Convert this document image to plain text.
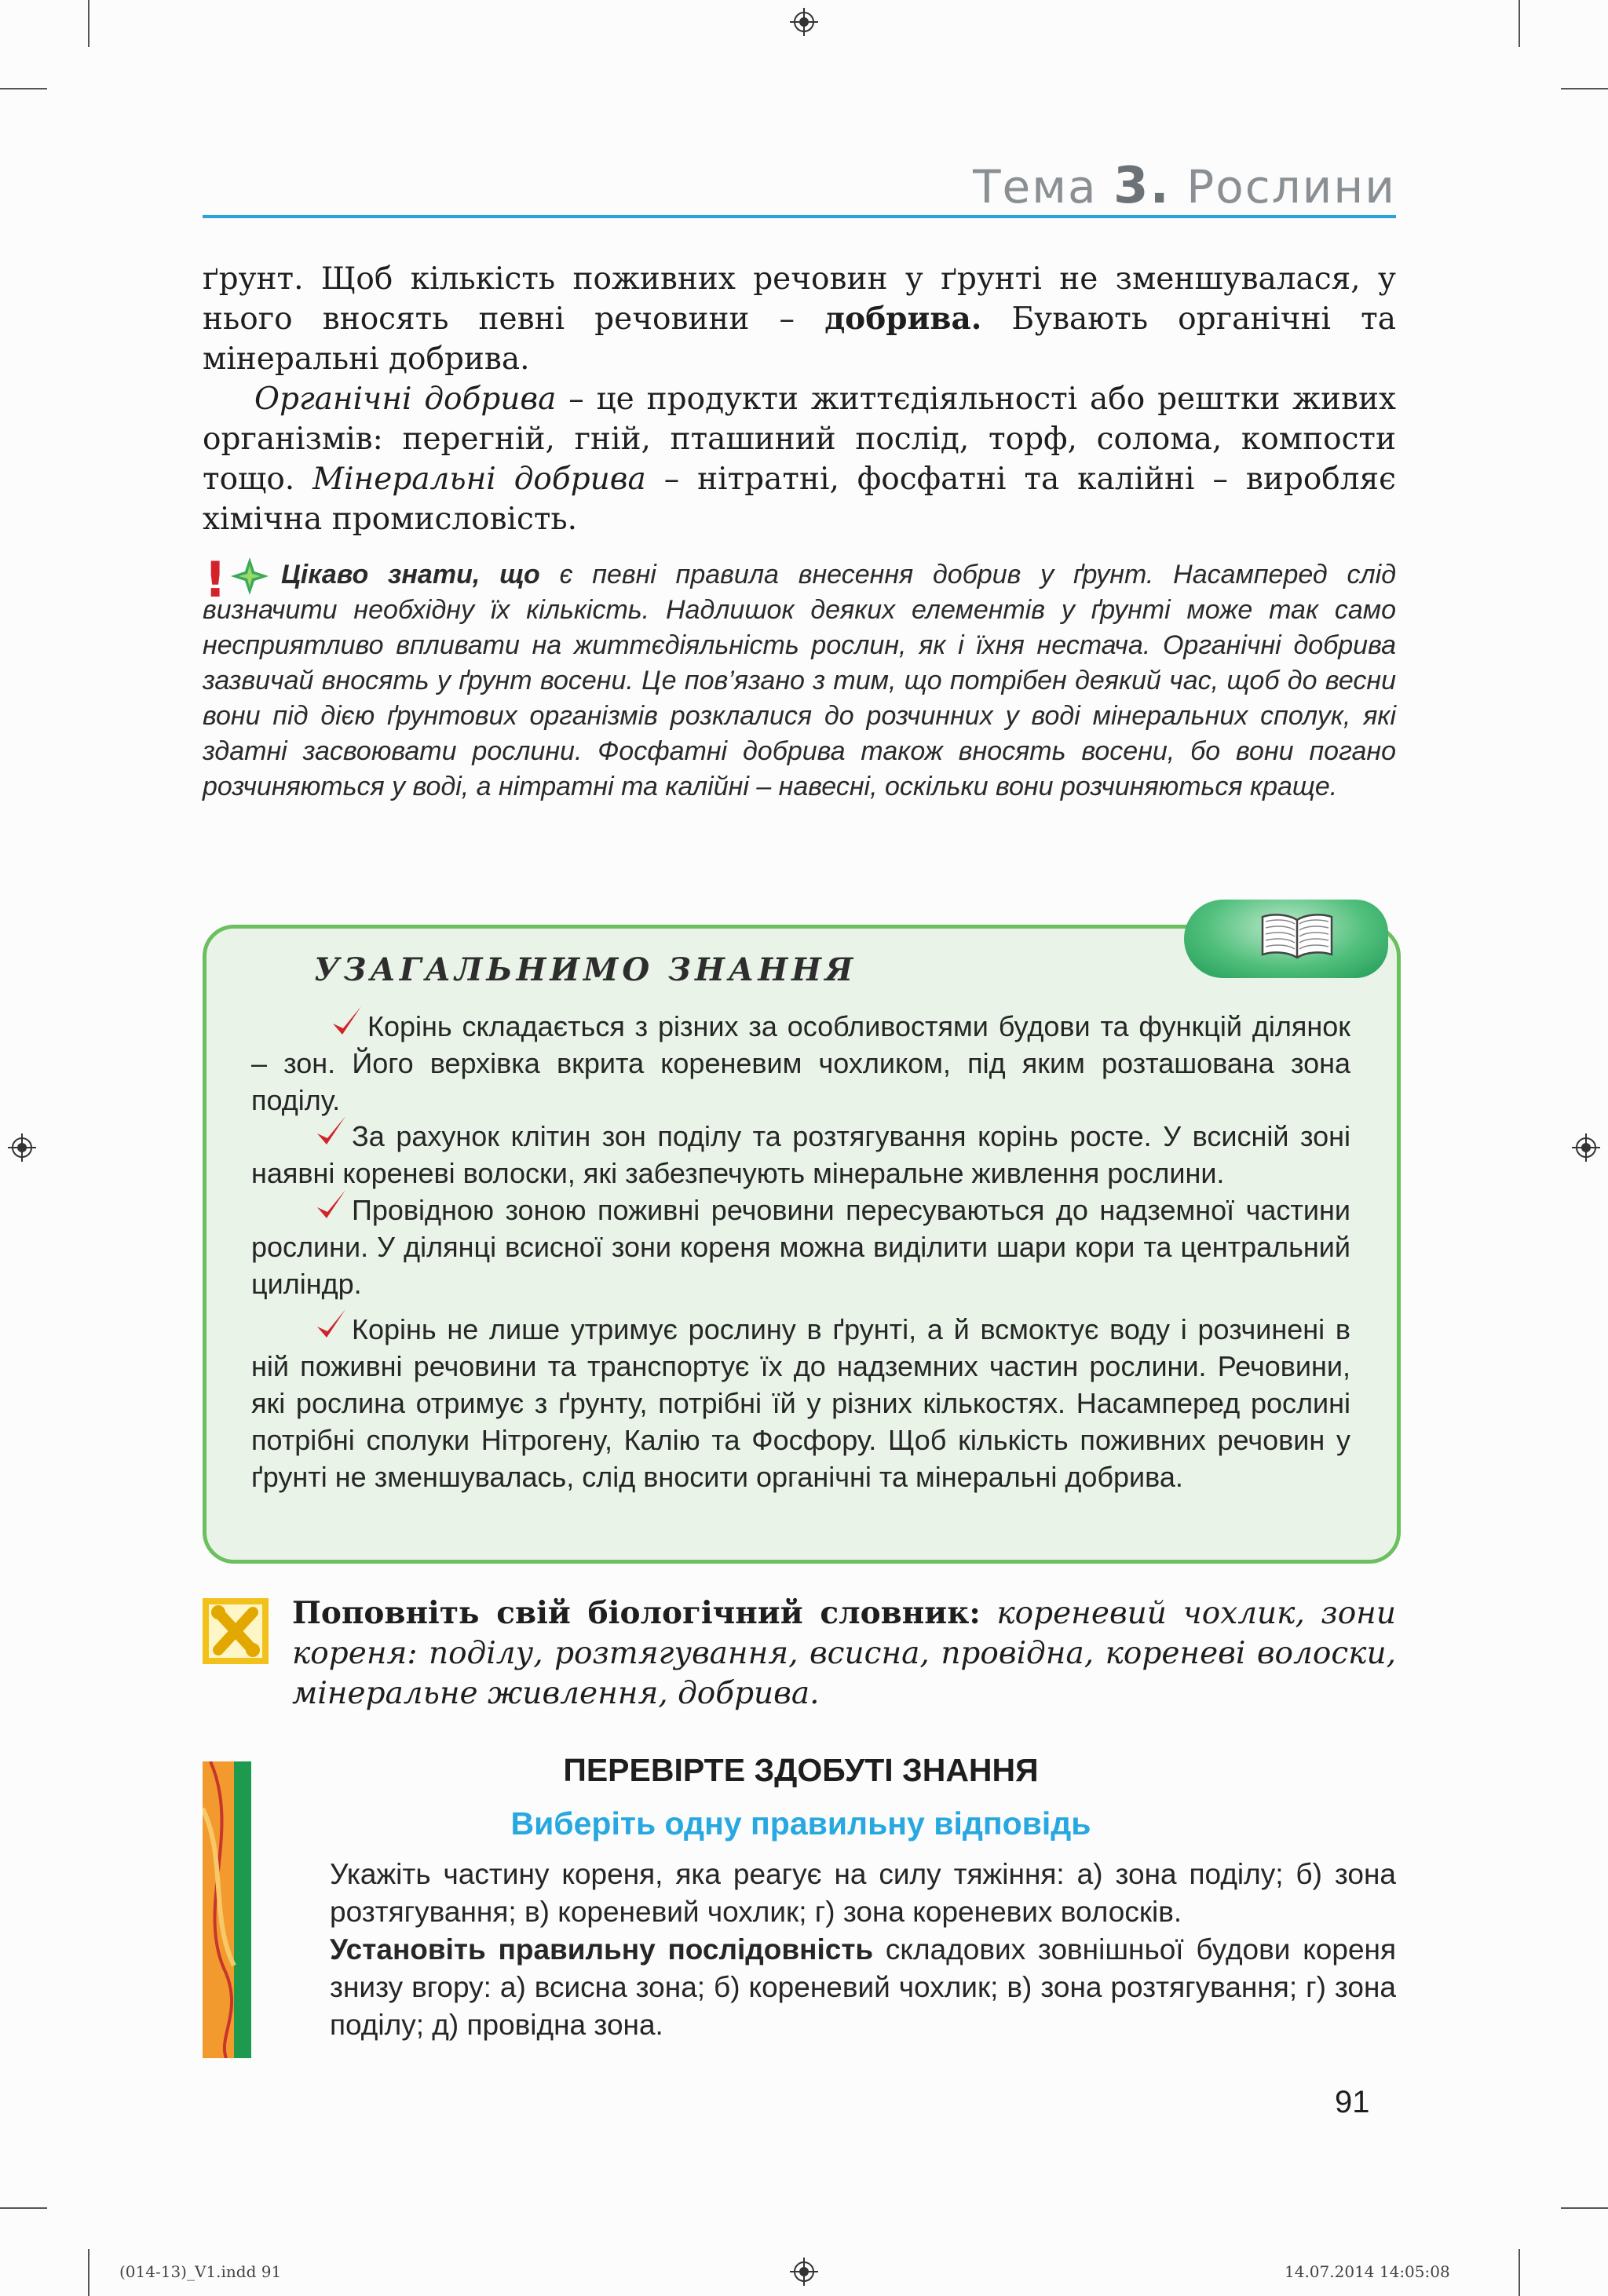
Тема 3. Рослини
ґрунт. Щоб кількість поживних речовин у ґрунті не зменшувалася, у нього вносять певні речовини – добрива. Бувають органічні та мінеральні добрива.
Органічні добрива – це продукти життєдіяльності або рештки живих організмів: перегній, гній, пташиний послід, торф, солома, компости тощо. Мінеральні добрива – нітратні, фосфатні та калійні – виробляє хімічна промисловість.
!	Цікаво знати, що є певні правила внесення добрив у ґрунт. Насамперед слід визначити необхідну їх кількість. Надлишок деяких елементів у ґрунті може так само несприятливо впливати на життєдіяльність рослин, як і їхня нестача. Органічні добрива зазвичай вносять у ґрунт восени. Це пов’язано з тим, що потрібен деякий час, щоб до весни вони під дією ґрунтових організмів розклалися до розчинних у воді мінеральних сполук, які здатні засвоювати рослини. Фосфатні добрива також вносять восени, бо вони погано розчиняються у воді, а нітратні та калійні – навесні, оскільки вони розчиняються краще.
УЗАГАЛЬНИМО ЗНАННЯ
Корінь складається з різних за особливостями будови та функцій ділянок – зон. Його верхівка вкрита кореневим чохликом, під яким розташована зона поділу.
За рахунок клітин зон поділу та розтягування корінь росте. У всисній зоні наявні кореневі волоски, які забезпечують мінеральне живлення рослини.
Провідною зоною поживні речовини пересуваються до надземної частини рослини. У ділянці всисної зони кореня можна виділити шари кори та центральний циліндр.
Корінь не лише утримує рослину в ґрунті, а й всмоктує воду і розчинені в ній поживні речовини та транспортує їх до надземних частин рослини. Речовини, які рослина отримує з ґрунту, потрібні їй у різних кількостях. Насамперед рослині потрібні сполуки Нітрогену, Калію та Фосфору. Щоб кількість поживних речовин у ґрунті не зменшувалась, слід вносити органічні та мінеральні добрива.
Поповніть свій біологічний словник: кореневий чохлик, зони кореня: поділу, розтягування, всисна, провідна, кореневі волоски, мінеральне живлення, добрива.
ПЕРЕВІРТЕ ЗДОБУТІ ЗНАННЯ
Виберіть одну правильну відповідь
Укажіть частину кореня, яка реагує на силу тяжіння: а) зона поділу; б) зона розтягування; в) кореневий чохлик; г) зона кореневих волосків.
Установіть правильну послідовність складових зовнішньої будови кореня знизу вгору: а) всисна зона; б) кореневий чохлик; в) зона розтягування; г) зона поділу; д) провідна зона.
91
(014-13)_V1.indd 91	14.07.2014 14:05:08
